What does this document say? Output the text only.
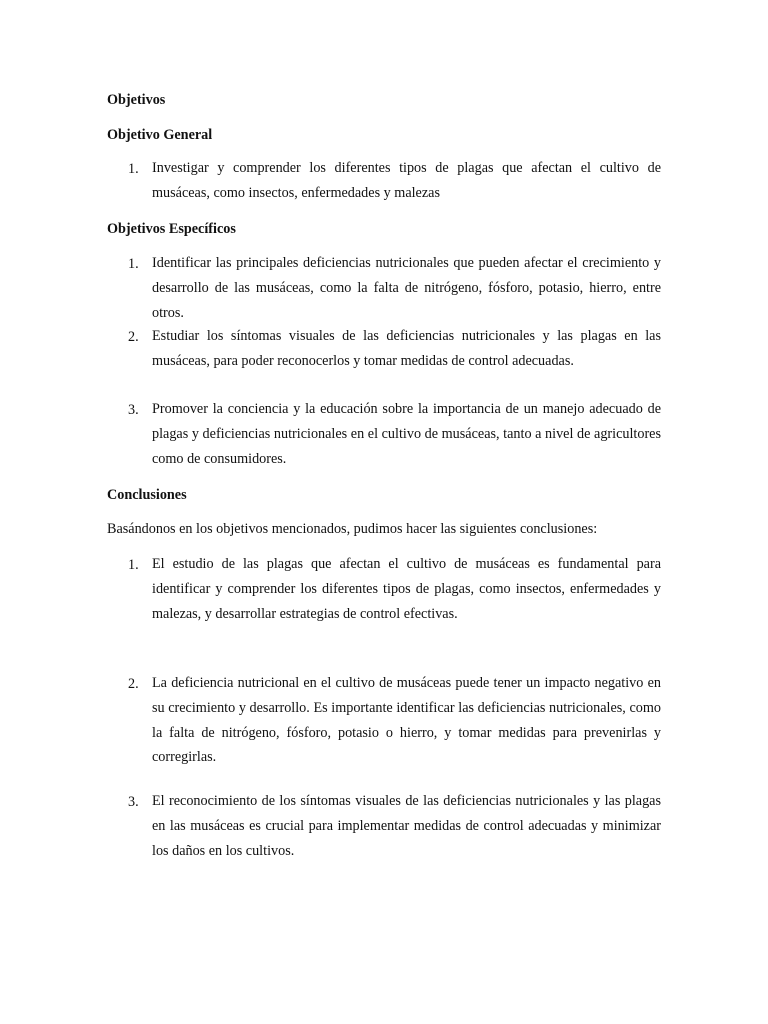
Objetivos
Objetivo General
1. Investigar y comprender los diferentes tipos de plagas que afectan el cultivo de musáceas, como insectos, enfermedades y malezas
Objetivos Específicos
1. Identificar las principales deficiencias nutricionales que pueden afectar el crecimiento y desarrollo de las musáceas, como la falta de nitrógeno, fósforo, potasio, hierro, entre otros.
2. Estudiar los síntomas visuales de las deficiencias nutricionales y las plagas en las musáceas, para poder reconocerlos y tomar medidas de control adecuadas.
3. Promover la conciencia y la educación sobre la importancia de un manejo adecuado de plagas y deficiencias nutricionales en el cultivo de musáceas, tanto a nivel de agricultores como de consumidores.
Conclusiones
Basándonos en los objetivos mencionados, pudimos hacer las siguientes conclusiones:
1. El estudio de las plagas que afectan el cultivo de musáceas es fundamental para identificar y comprender los diferentes tipos de plagas, como insectos, enfermedades y malezas, y desarrollar estrategias de control efectivas.
2. La deficiencia nutricional en el cultivo de musáceas puede tener un impacto negativo en su crecimiento y desarrollo. Es importante identificar las deficiencias nutricionales, como la falta de nitrógeno, fósforo, potasio o hierro, y tomar medidas para prevenirlas y corregirlas.
3. El reconocimiento de los síntomas visuales de las deficiencias nutricionales y las plagas en las musáceas es crucial para implementar medidas de control adecuadas y minimizar los daños en los cultivos.
